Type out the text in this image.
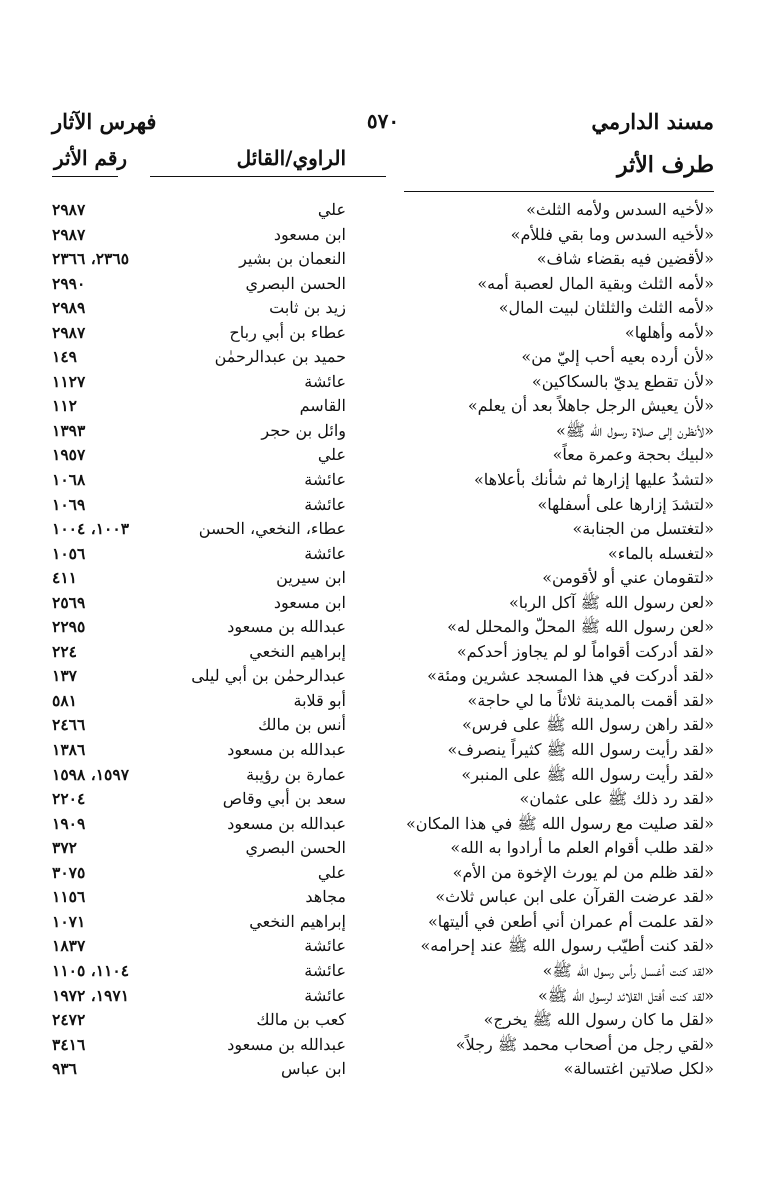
مسند الدارمي
٥٧٠
فهرس الآثار
طرف الأثر
الراوي/القائل
رقم الأثر
«لأخيه السدس ولأمه الثلث»
علي
٢٩٨٧
«لأخيه السدس وما بقي فللأم»
ابن مسعود
٢٩٨٧
«لأقضين فيه بقضاء شاف»
النعمان بن بشير
٢٣٦٥، ٢٣٦٦
«لأمه الثلث وبقية المال لعصبة أمه»
الحسن البصري
٢٩٩٠
«لأمه الثلث والثلثان لبيت المال»
زيد بن ثابت
٢٩٨٩
«لأمه وأهلها»
عطاء بن أبي رباح
٢٩٨٧
«لأن أرده بعيه أحب إليّ من»
حميد بن عبدالرحمٰن
١٤٩
«لأن تقطع يديّ بالسكاكين»
عائشة
١١٢٧
«لأن يعيش الرجل جاهلاً بعد أن يعلم»
القاسم
١١٢
«لأنظرن إلى صلاة رسول الله ﷺ»
وائل بن حجر
١٣٩٣
«لبيك بحجة وعمرة معاً»
علي
١٩٥٧
«لتشدُ عليها إزارها ثم شأنك بأعلاها»
عائشة
١٠٦٨
«لتشدَ إزارها على أسفلها»
عائشة
١٠٦٩
«لتغتسل من الجنابة»
عطاء، النخعي، الحسن
١٠٠٣، ١٠٠٤
«لتغسله بالماء»
عائشة
١٠٥٦
«لتقومان عني أو لأقومن»
ابن سيرين
٤١١
«لعن رسول الله ﷺ آكل الربا»
ابن مسعود
٢٥٦٩
«لعن رسول الله ﷺ المحلّ والمحلل له»
عبدالله بن مسعود
٢٢٩٥
«لقد أدركت أقواماً لو لم يجاوز أحدكم»
إبراهيم النخعي
٢٢٤
«لقد أدركت في هذا المسجد عشرين ومئة»
عبدالرحمٰن بن أبي ليلى
١٣٧
«لقد أقمت بالمدينة ثلاثاً ما لي حاجة»
أبو قلابة
٥٨١
«لقد راهن رسول الله ﷺ على فرس»
أنس بن مالك
٢٤٦٦
«لقد رأيت رسول الله ﷺ كثيراً ينصرف»
عبدالله بن مسعود
١٣٨٦
«لقد رأيت رسول الله ﷺ على المنبر»
عمارة بن رؤيبة
١٥٩٧، ١٥٩٨
«لقد رد ذلك ﷺ على عثمان»
سعد بن أبي وقاص
٢٢٠٤
«لقد صليت مع رسول الله ﷺ في هذا المكان»
عبدالله بن مسعود
١٩٠٩
«لقد طلب أقوام العلم ما أرادوا به الله»
الحسن البصري
٣٧٢
«لقد ظلم من لم يورث الإخوة من الأم»
علي
٣٠٧٥
«لقد عرضت القرآن على ابن عباس ثلاث»
مجاهد
١١٥٦
«لقد علمت أم عمران أني أطعن في أليتها»
إبراهيم النخعي
١٠٧١
«لقد كنت أطيّب رسول الله ﷺ عند إحرامه»
عائشة
١٨٣٧
«لقد كنت أغسل رأس رسول الله ﷺ»
عائشة
١١٠٤، ١١٠٥
«لقد كنت أفتل القلائد لرسول الله ﷺ»
عائشة
١٩٧١، ١٩٧٢
«لقل ما كان رسول الله ﷺ يخرج»
كعب بن مالك
٢٤٧٢
«لقي رجل من أصحاب محمد ﷺ رجلاً»
عبدالله بن مسعود
٣٤١٦
«لكل صلاتين اغتسالة»
ابن عباس
٩٣٦
